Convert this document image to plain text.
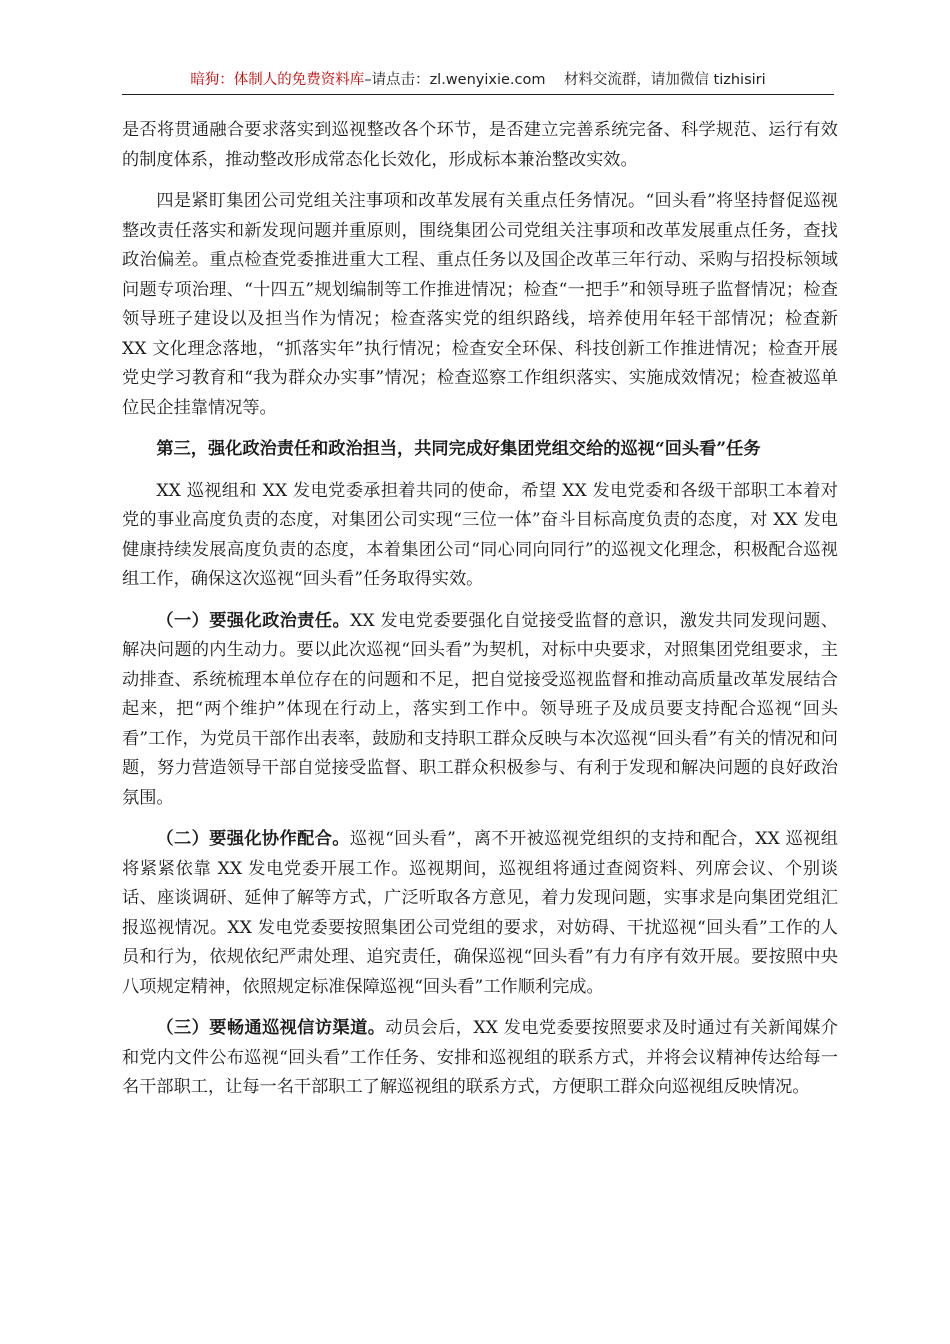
暗狗：体制人的免费资料库–请点击：zl.wenyixie.com 材料交流群，请加微信 tizhisiri

是否将贯通融合要求落实到巡视整改各个环节，是否建立完善系统完备、科学规范、运行有效的制度体系，推动整改形成常态化长效化，形成标本兼治整改实效。

四是紧盯集团公司党组关注事项和改革发展有关重点任务情况。“回头看”将坚持督促巡视整改责任落实和新发现问题并重原则，围绕集团公司党组关注事项和改革发展重点任务，查找政治偏差。重点检查党委推进重大工程、重点任务以及国企改革三年行动、采购与招投标领域问题专项治理、“十四五”规划编制等工作推进情况；检查“一把手”和领导班子监督情况；检查领导班子建设以及担当作为情况；检查落实党的组织路线，培养使用年轻干部情况；检查新 XX 文化理念落地，“抓落实年”执行情况；检查安全环保、科技创新工作推进情况；检查开展党史学习教育和“我为群众办实事”情况；检查巡察工作组织落实、实施成效情况；检查被巡单位民企挂靠情况等。

第三，强化政治责任和政治担当，共同完成好集团党组交给的巡视“回头看”任务

XX 巡视组和 XX 发电党委承担着共同的使命，希望 XX 发电党委和各级干部职工本着对党的事业高度负责的态度，对集团公司实现“三位一体”奋斗目标高度负责的态度，对 XX 发电健康持续发展高度负责的态度，本着集团公司“同心同向同行”的巡视文化理念，积极配合巡视组工作，确保这次巡视“回头看”任务取得实效。

（一）要强化政治责任。XX 发电党委要强化自觉接受监督的意识，激发共同发现问题、解决问题的内生动力。要以此次巡视“回头看”为契机，对标中央要求，对照集团党组要求，主动排查、系统梳理本单位存在的问题和不足，把自觉接受巡视监督和推动高质量改革发展结合起来，把“两个维护”体现在行动上，落实到工作中。领导班子及成员要支持配合巡视“回头看”工作，为党员干部作出表率，鼓励和支持职工群众反映与本次巡视“回头看”有关的情况和问题，努力营造领导干部自觉接受监督、职工群众积极参与、有利于发现和解决问题的良好政治氛围。

（二）要强化协作配合。巡视“回头看”，离不开被巡视党组织的支持和配合，XX 巡视组将紧紧依靠 XX 发电党委开展工作。巡视期间，巡视组将通过查阅资料、列席会议、个别谈话、座谈调研、延伸了解等方式，广泛听取各方意见，着力发现问题，实事求是向集团党组汇报巡视情况。XX 发电党委要按照集团公司党组的要求，对妨碍、干扰巡视“回头看”工作的人员和行为，依规依纪严肃处理、追究责任，确保巡视“回头看”有力有序有效开展。要按照中央八项规定精神，依照规定标准保障巡视“回头看”工作顺利完成。

（三）要畅通巡视信访渠道。动员会后，XX 发电党委要按照要求及时通过有关新闻媒介和党内文件公布巡视“回头看”工作任务、安排和巡视组的联系方式，并将会议精神传达给每一名干部职工，让每一名干部职工了解巡视组的联系方式，方便职工群众向巡视组反映情况。
